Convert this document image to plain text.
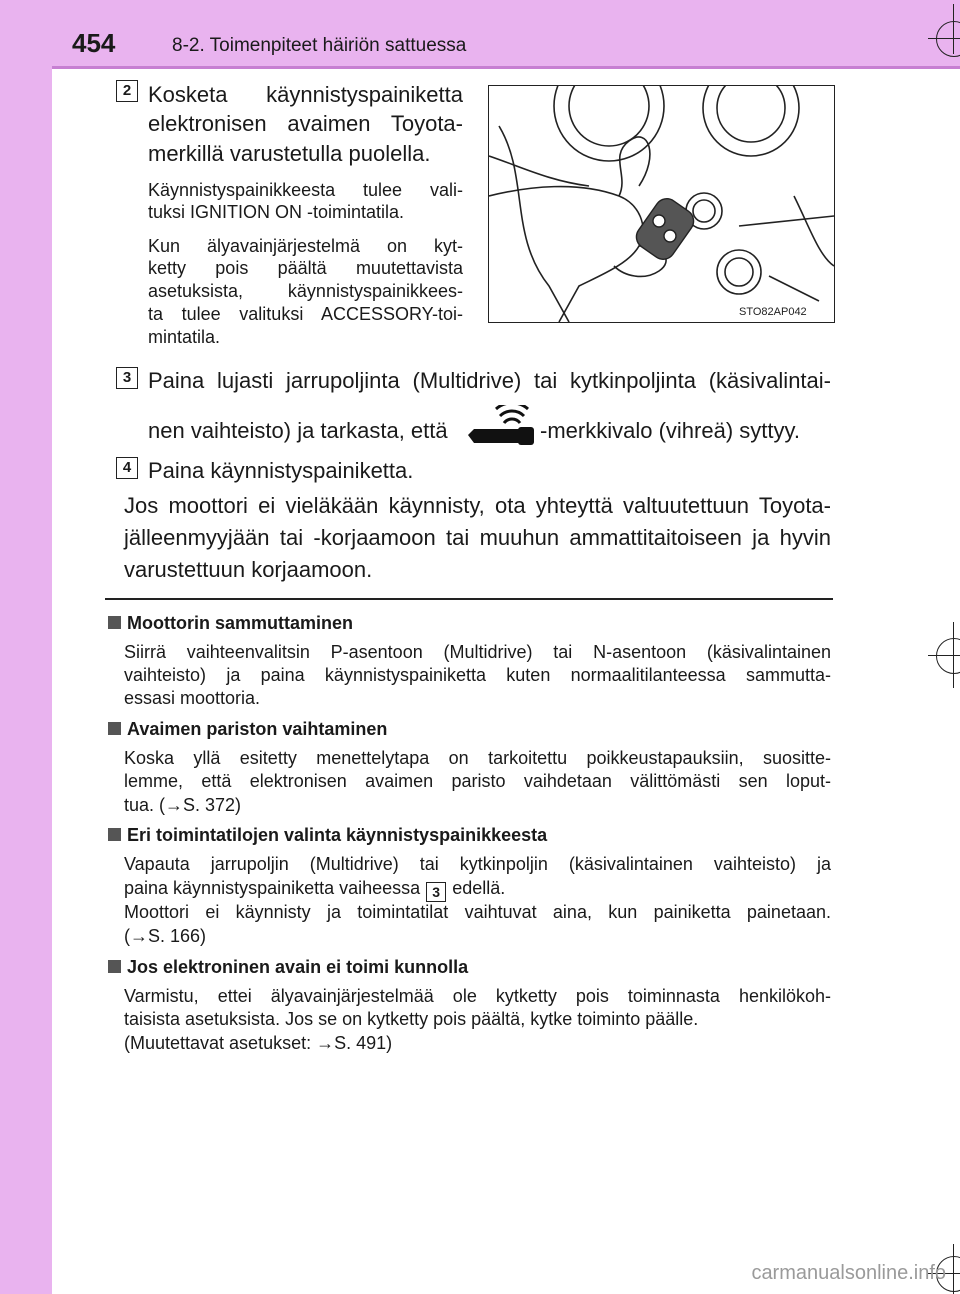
454	8-2. Toimenpiteet häiriön sattuessa
2 Kosketa käynnistyspainiketta
elektronisen avaimen Toyota-
merkillä varustetulla puolella.
Käynnistyspainikkeesta tulee vali-
tuksi IGNITION ON -toimintatila.
Kun älyavainjärjestelmä on kyt-
ketty pois päältä muutettavista
asetuksista, käynnistyspainikkees-
ta tulee valituksi ACCESSORY-toi-
mintatila.
STO82AP042
3 Paina lujasti jarrupoljinta (Multidrive) tai kytkinpoljinta (käsivalintai-
nen vaihteisto) ja tarkasta, että	-merkkivalo (vihreä) syttyy.
4 Paina käynnistyspainiketta.
Jos moottori ei vieläkään käynnisty, ota yhteyttä valtuutettuun Toyota-
jälleenmyyjään tai -korjaamoon tai muuhun ammattitaitoiseen ja hyvin
varustettuun korjaamoon.
Moottorin sammuttaminen
Siirrä vaihteenvalitsin P-asentoon (Multidrive) tai N-asentoon (käsivalintainen
vaihteisto) ja paina käynnistyspainiketta kuten normaalitilanteessa sammutta-
essasi moottoria.
Avaimen pariston vaihtaminen
Koska yllä esitetty menettelytapa on tarkoitettu poikkeustapauksiin, suositte-
lemme, että elektronisen avaimen paristo vaihdetaan välittömästi sen loput-
tua. (→S. 372)
Eri toimintatilojen valinta käynnistyspainikkeesta
Vapauta jarrupoljin (Multidrive) tai kytkinpoljin (käsivalintainen vaihteisto) ja
paina käynnistyspainiketta vaiheessa 3 edellä.
Moottori ei käynnisty ja toimintatilat vaihtuvat aina, kun painiketta painetaan.
(→S. 166)
Jos elektroninen avain ei toimi kunnolla
Varmistu, ettei älyavainjärjestelmää ole kytketty pois toiminnasta henkilökoh-
taisista asetuksista. Jos se on kytketty pois päältä, kytke toiminto päälle.
(Muutettavat asetukset: →S. 491)
carmanualsonline.info
